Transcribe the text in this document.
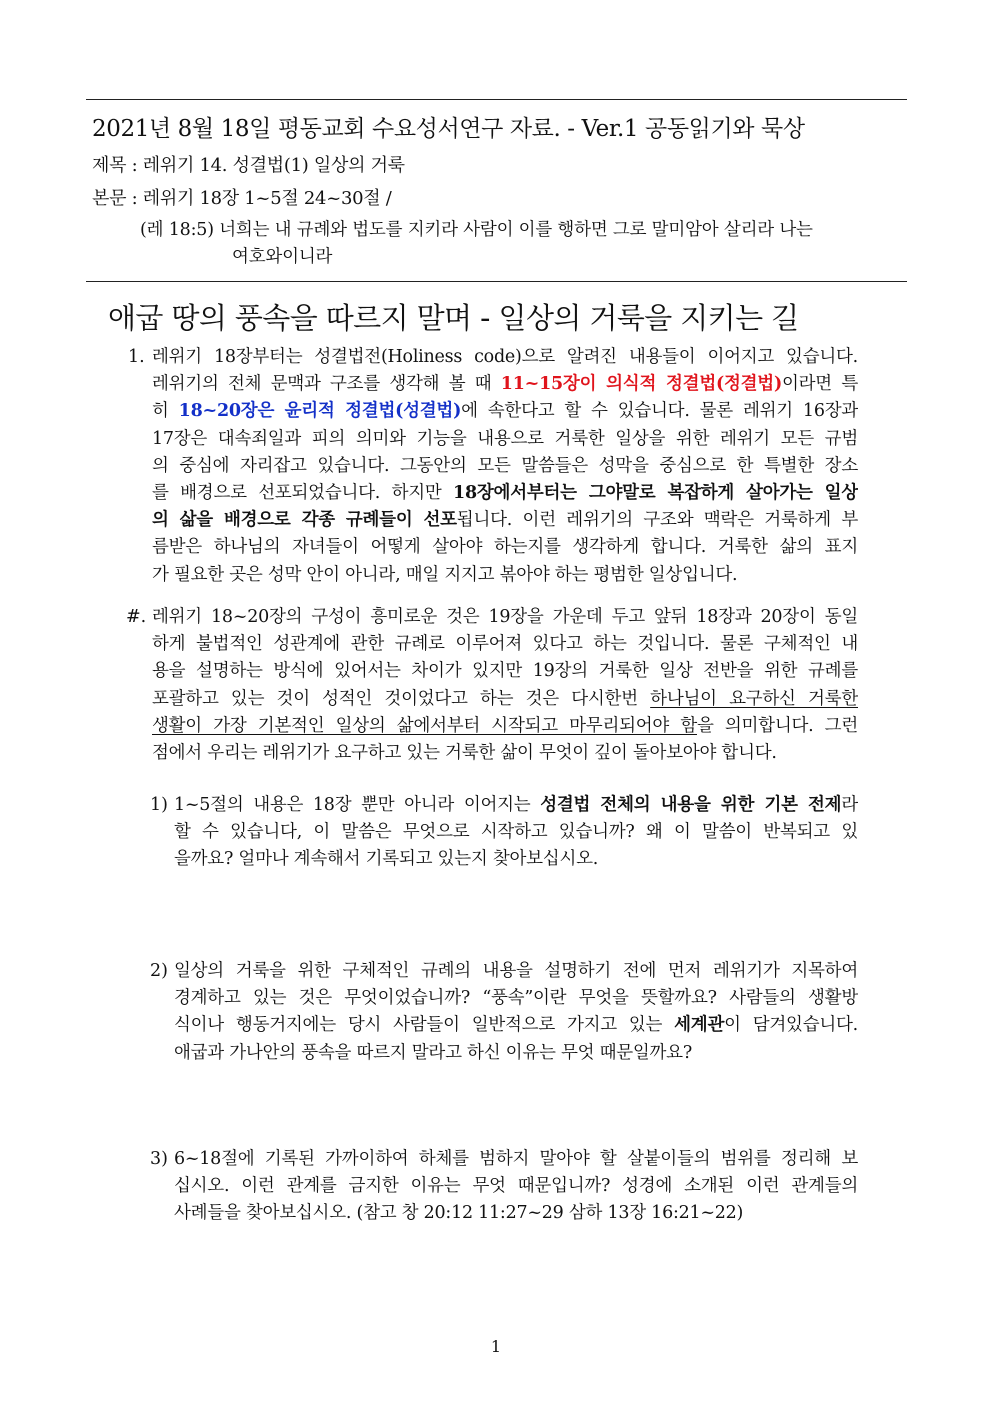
2021년 8월 18일 평동교회 수요성서연구 자료. - Ver.1 공동읽기와 묵상
제목 : 레위기 14. 성결법(1) 일상의 거룩
본문 : 레위기 18장 1~5절 24~30절 /
(레 18:5) 너희는 내 규례와 법도를 지키라 사람이 이를 행하면 그로 말미암아 살리라 나는
여호와이니라
애굽 땅의 풍속을 따르지 말며 - 일상의 거룩을 지키는 길
1. 레위기 18장부터는 성결법전(Holiness code)으로 알려진 내용들이 이어지고 있습니다.
레위기의 전체 문맥과 구조를 생각해 볼 때 11~15장이 의식적 정결법(정결법)이라면 특
히 18~20장은 윤리적 정결법(성결법)에 속한다고 할 수 있습니다. 물론 레위기 16장과
17장은 대속죄일과 피의 의미와 기능을 내용으로 거룩한 일상을 위한 레위기 모든 규범
의 중심에 자리잡고 있습니다. 그동안의 모든 말씀들은 성막을 중심으로 한 특별한 장소
를 배경으로 선포되었습니다. 하지만 18장에서부터는 그야말로 복잡하게 살아가는 일상
의 삶을 배경으로 각종 규례들이 선포됩니다. 이런 레위기의 구조와 맥락은 거룩하게 부
름받은 하나님의 자녀들이 어떻게 살아야 하는지를 생각하게 합니다. 거룩한 삶의 표지
가 필요한 곳은 성막 안이 아니라, 매일 지지고 볶아야 하는 평범한 일상입니다.
#. 레위기 18~20장의 구성이 흥미로운 것은 19장을 가운데 두고 앞뒤 18장과 20장이 동일
하게 불법적인 성관계에 관한 규례로 이루어져 있다고 하는 것입니다. 물론 구체적인 내
용을 설명하는 방식에 있어서는 차이가 있지만 19장의 거룩한 일상 전반을 위한 규례를
포괄하고 있는 것이 성적인 것이었다고 하는 것은 다시한번 하나님이 요구하신 거룩한
생활이 가장 기본적인 일상의 삶에서부터 시작되고 마무리되어야 함을 의미합니다. 그런
점에서 우리는 레위기가 요구하고 있는 거룩한 삶이 무엇이 깊이 돌아보아야 합니다.
1) 1~5절의 내용은 18장 뿐만 아니라 이어지는 성결법 전체의 내용을 위한 기본 전제라
할 수 있습니다, 이 말씀은 무엇으로 시작하고 있습니까? 왜 이 말씀이 반복되고 있
을까요? 얼마나 계속해서 기록되고 있는지 찾아보십시오.
2) 일상의 거룩을 위한 구체적인 규례의 내용을 설명하기 전에 먼저 레위기가 지목하여
경계하고 있는 것은 무엇이었습니까? “풍속”이란 무엇을 뜻할까요? 사람들의 생활방
식이나 행동거지에는 당시 사람들이 일반적으로 가지고 있는 세계관이 담겨있습니다.
애굽과 가나안의 풍속을 따르지 말라고 하신 이유는 무엇 때문일까요?
3) 6~18절에 기록된 가까이하여 하체를 범하지 말아야 할 살붙이들의 범위를 정리해 보
십시오. 이런 관계를 금지한 이유는 무엇 때문입니까? 성경에 소개된 이런 관계들의
사례들을 찾아보십시오. (참고 창 20:12 11:27~29 삼하 13장 16:21~22)
1
